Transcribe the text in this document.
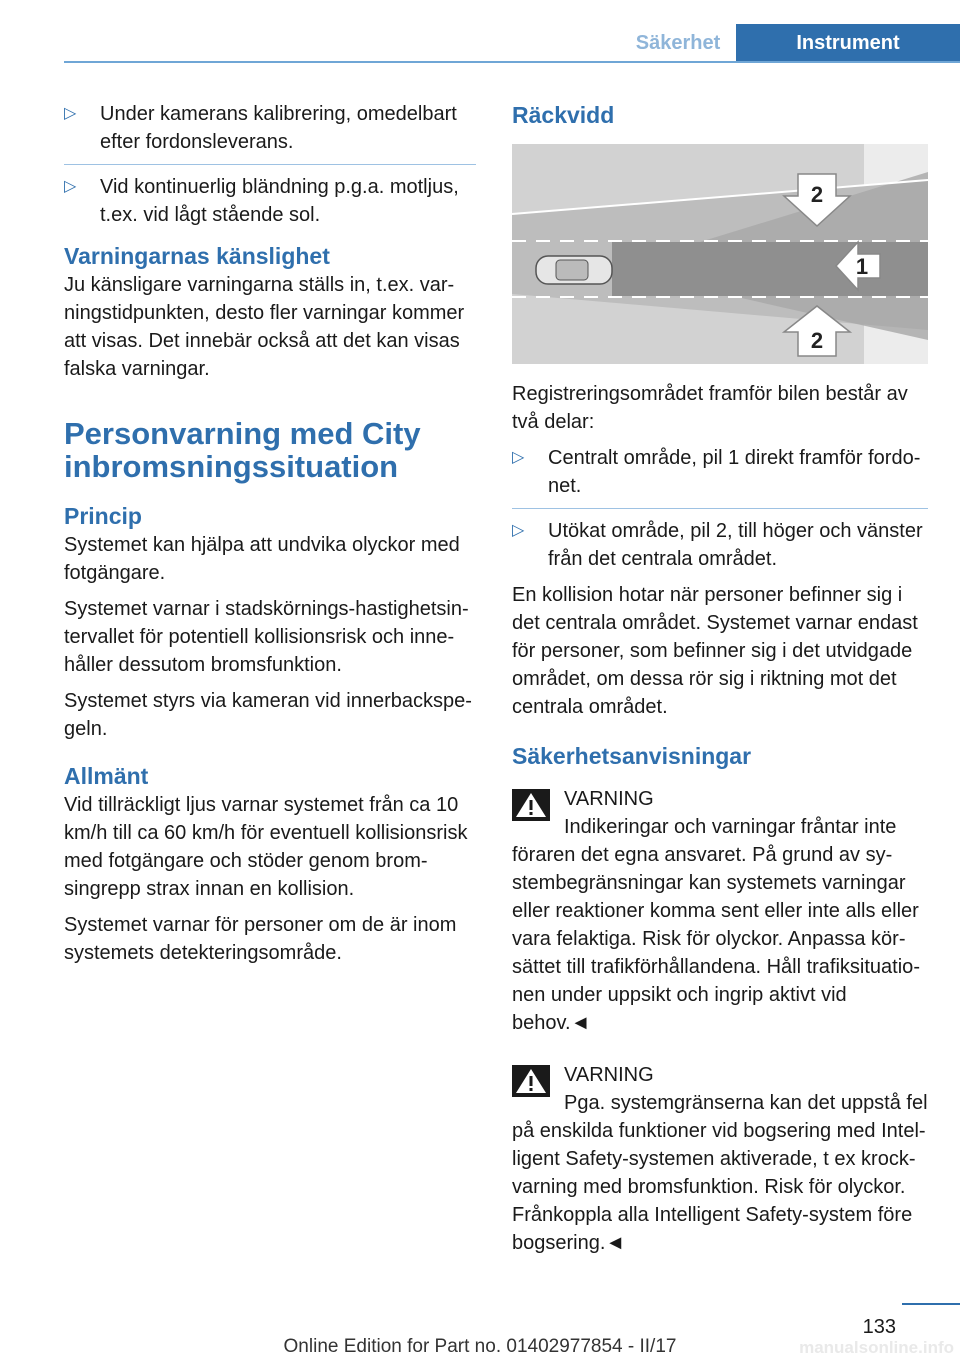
Säkerhet	Instrument
▷ Under kamerans kalibrering, omedelbart efter fordonsleverans.
▷ Vid kontinuerlig bländning p.g.a. motljus, t.ex. vid lågt stående sol.
Varningarnas känslighet

Ju känsligare varningarna ställs in, t.ex. varningstidpunkten, desto fler varningar kommer att visas. Det innebär också att det kan visas falska varningar.

Personvarning med City inbromsningssituation
Princip

Systemet kan hjälpa att undvika olyckor med fotgängare.

Systemet varnar i stadskörnings-hastighetsintervallet för potentiell kollisionsrisk och innehåller dessutom bromsfunktion.

Systemet styrs via kameran vid innerbackspegeln.

Allmänt

Vid tillräckligt ljus varnar systemet från ca 10 km/h till ca 60 km/h för eventuell kollisionsrisk med fotgängare och stöder genom bromsingrepp strax innan en kollision.

Systemet varnar för personer om de är inom systemets detekteringsområde.

Räckvidd
2
1
2

Registreringsområdet framför bilen består av två delar:

▷ Centralt område, pil 1 direkt framför fordonet.
▷ Utökat område, pil 2, till höger och vänster från det centrala området.

En kollision hotar när personer befinner sig i det centrala området. Systemet varnar endast för personer, som befinner sig i det utvidgade området, om dessa rör sig i riktning mot det centrala området.

Säkerhetsanvisningar
VARNING
Indikeringar och varningar fråntar inte föraren det egna ansvaret. På grund av systembegränsningar kan systemets varningar eller reaktioner komma sent eller inte alls eller vara felaktiga. Risk för olyckor. Anpassa körsättet till trafikförhållandena. Håll trafiksituationen under uppsikt och ingrip aktivt vid behov.◄
VARNING
Pga. systemgränserna kan det uppstå fel på enskilda funktioner vid bogsering med Intelligent Safety-systemen aktiverade, t ex krockvarning med bromsfunktion. Risk för olyckor. Frånkoppla alla Intelligent Safety-system före bogsering.◄
133
Online Edition for Part no. 01402977854 - II/17	manualsonline.info
